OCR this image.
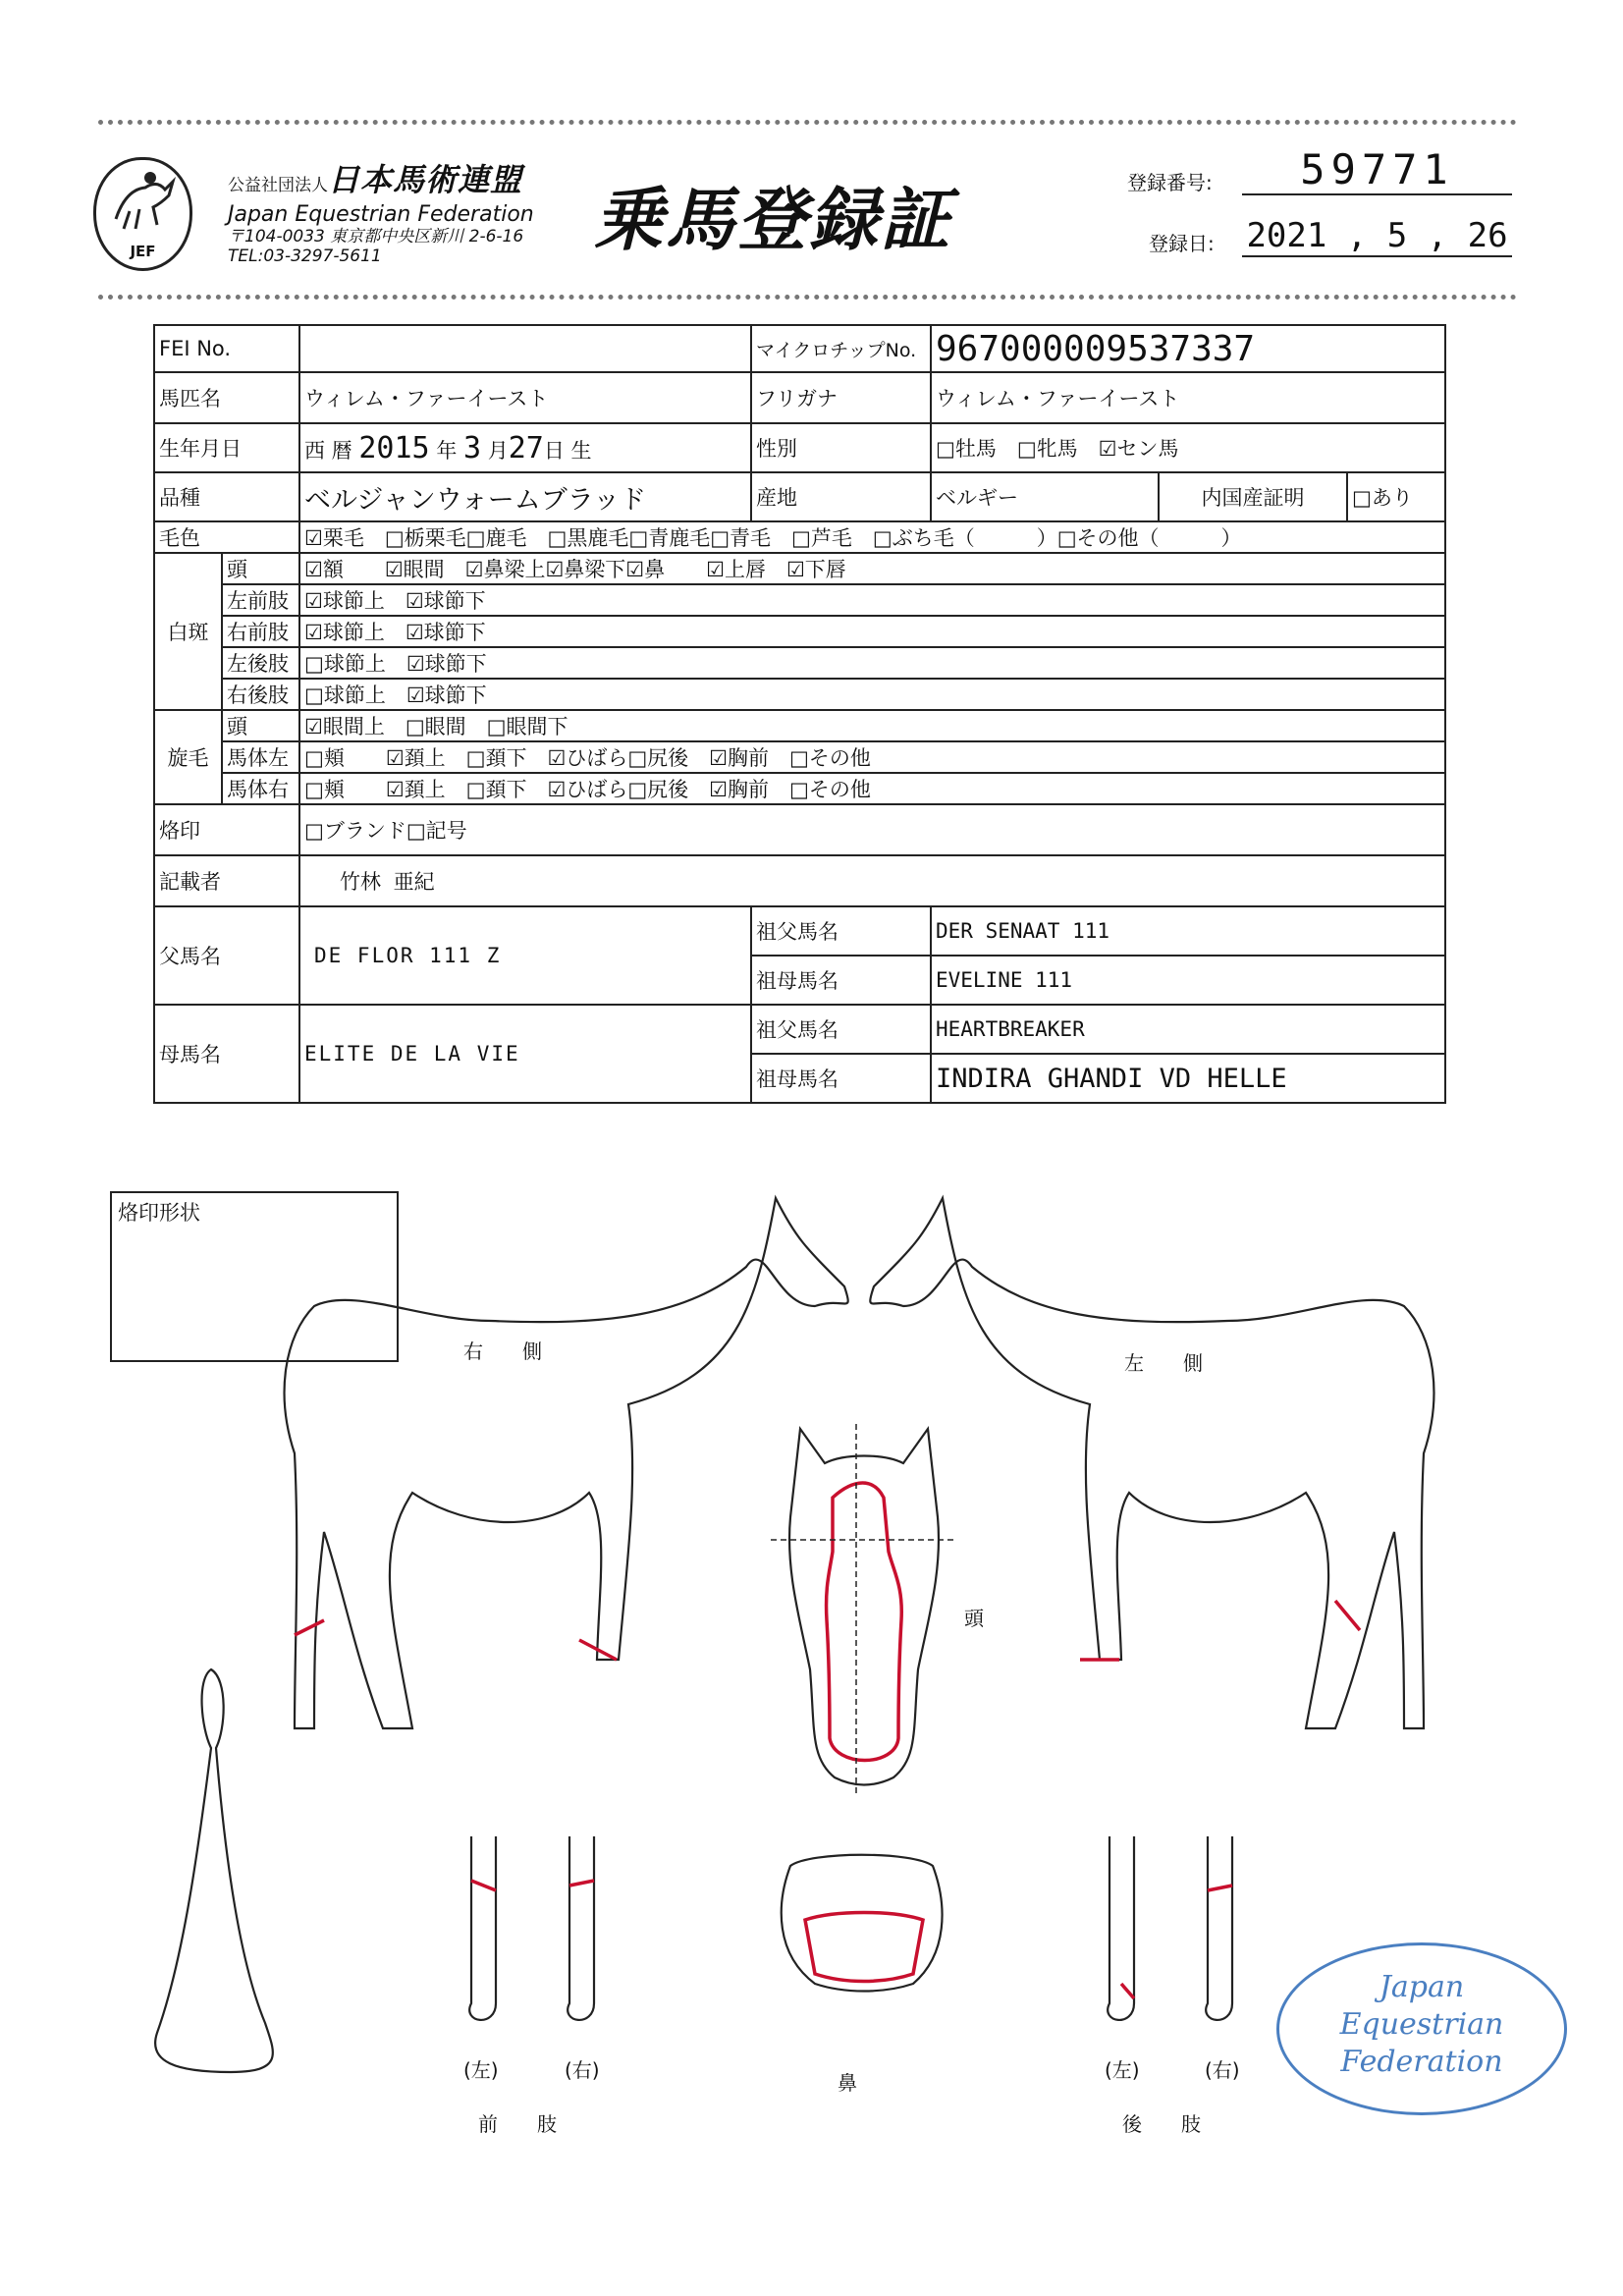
JEF
公益社団法人日本馬術連盟
Japan Equestrian Federation
〒104-0033 東京都中央区新川 2-6-16
TEL:03-3297-5611	乗馬登録証	登録番号:	59771
登録日: 2021 , 5 , 26
FEI No.			マイクロチップNo.	967000009537337		
馬匹名		ウィレム・ファーイースト	フリガナ	ウィレム・ファーイースト		
生年月日		西 暦 2015 年 3 月27日 生	性別	□牡馬　□牝馬　☑セン馬		
品種		ベルジャンウォームブラッド	産地	ベルギー	内国産証明	□あり
毛色		☑栗毛　□栃栗毛□鹿毛　□黒鹿毛□青鹿毛□青毛　□芦毛　□ぶち毛（　　　）□その他（　　　）				
白斑	頭	☑額　　☑眼間　☑鼻梁上☑鼻梁下☑鼻　　☑上唇　☑下唇				
	左前肢	☑球節上　☑球節下				
	右前肢	☑球節上　☑球節下				
	左後肢	□球節上　☑球節下				
	右後肢	□球節上　☑球節下				
旋毛	頭	☑眼間上　□眼間　□眼間下				
	馬体左	□頬　　☑頚上　□頚下　☑ひばら□尻後　☑胸前　□その他				
	馬体右	□頬　　☑頚上　□頚下　☑ひばら□尻後　☑胸前　□その他				
烙印		□ブランド□記号				
記載者		竹林 亜紀				
父馬名		DE FLOR 111 Z	祖父馬名	DER SENAAT 111		
			祖母馬名	EVELINE 111		
母馬名		ELITE DE LA VIE	祖父馬名	HEARTBREAKER		
			祖母馬名	INDIRA GHANDI VD HELLE		
烙印形状
右　　側	左　　側
頭
鼻
(左)	(右)
前　　肢
(左)	(右)
後　　肢
Japan
Equestrian
Federation
